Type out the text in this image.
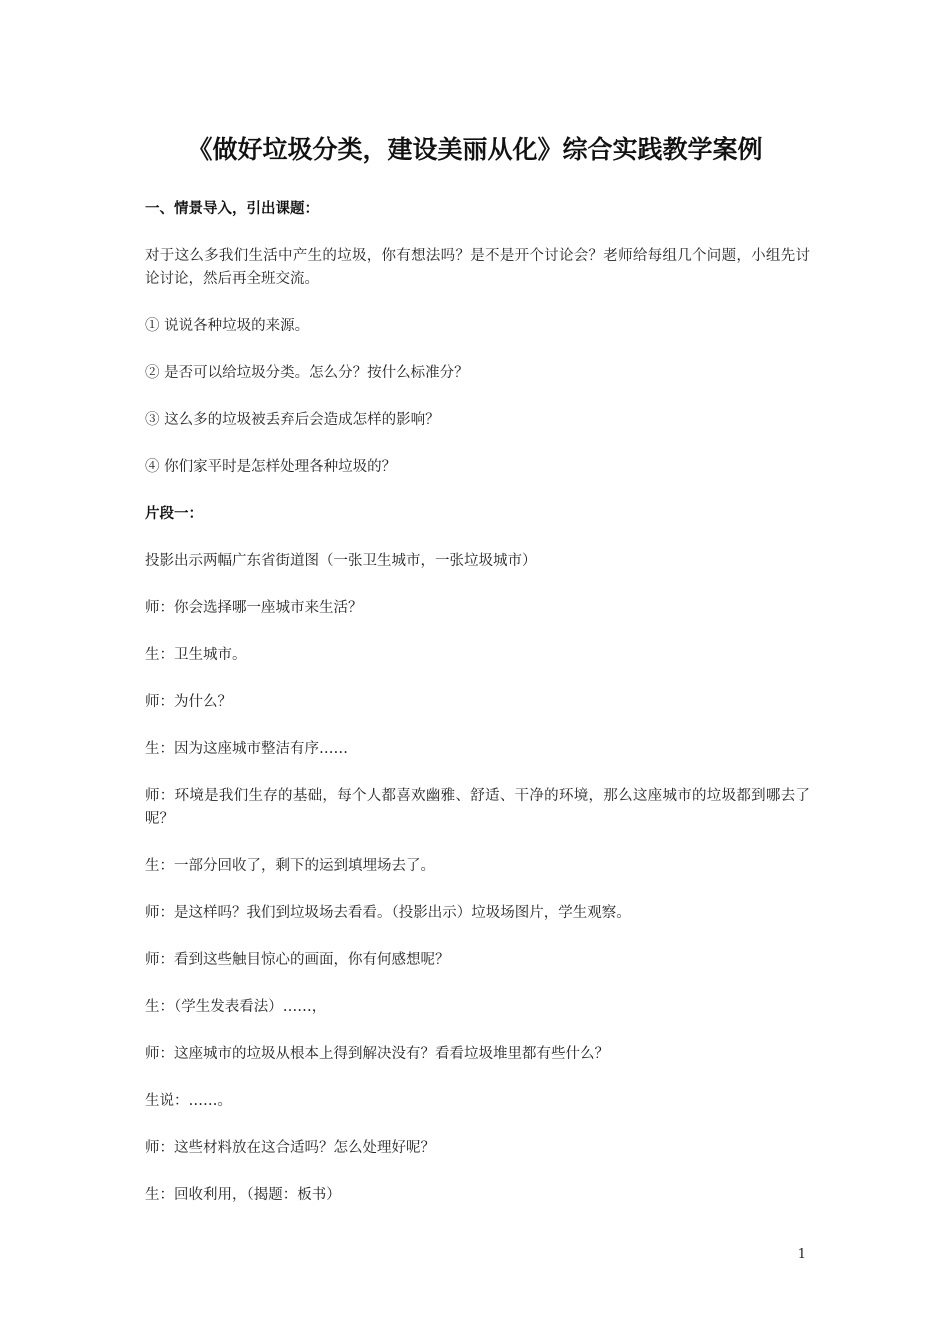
《做好垃圾分类，建设美丽从化》综合实践教学案例

一、情景导入，引出课题：

对于这么多我们生活中产生的垃圾，你有想法吗？是不是开个讨论会？老师给每组几个问题，小组先讨论讨论，然后再全班交流。

① 说说各种垃圾的来源。

② 是否可以给垃圾分类。怎么分？按什么标准分？

③ 这么多的垃圾被丢弃后会造成怎样的影响？

④ 你们家平时是怎样处理各种垃圾的？

片段一：

投影出示两幅广东省街道图（一张卫生城市，一张垃圾城市）

师：你会选择哪一座城市来生活？

生：卫生城市。

师：为什么？

生：因为这座城市整洁有序……

师：环境是我们生存的基础，每个人都喜欢幽雅、舒适、干净的环境，那么这座城市的垃圾都到哪去了呢？

生：一部分回收了，剩下的运到填埋场去了。

师：是这样吗？我们到垃圾场去看看。（投影出示）垃圾场图片，学生观察。

师：看到这些触目惊心的画面，你有何感想呢？

生：（学生发表看法）……，

师：这座城市的垃圾从根本上得到解决没有？看看垃圾堆里都有些什么？

生说：……。

师：这些材料放在这合适吗？怎么处理好呢？

生：回收利用，（揭题：板书）

1
